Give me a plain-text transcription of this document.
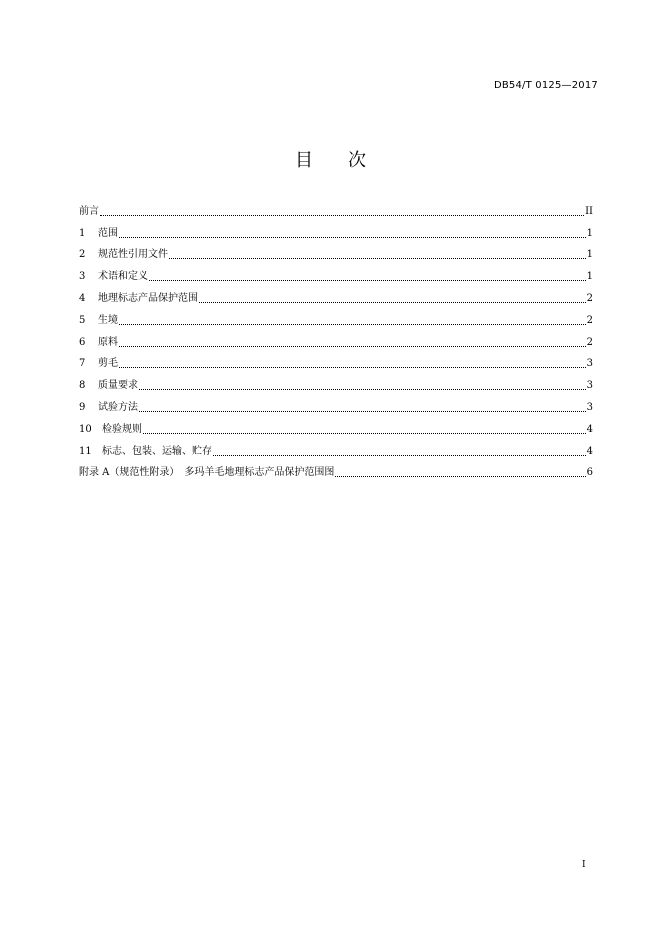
DB54/T 0125—2017
目 次
前言	II
1 范围	1
2 规范性引用文件	1
3 术语和定义	1
4 地理标志产品保护范围	2
5 生境	2
6 原料	2
7 剪毛	3
8 质量要求	3
9 试验方法	3
10 检验规则	4
11 标志、包装、运输、贮存	4
附录 A（规范性附录）　多玛羊毛地理标志产品保护范围图	6
I
